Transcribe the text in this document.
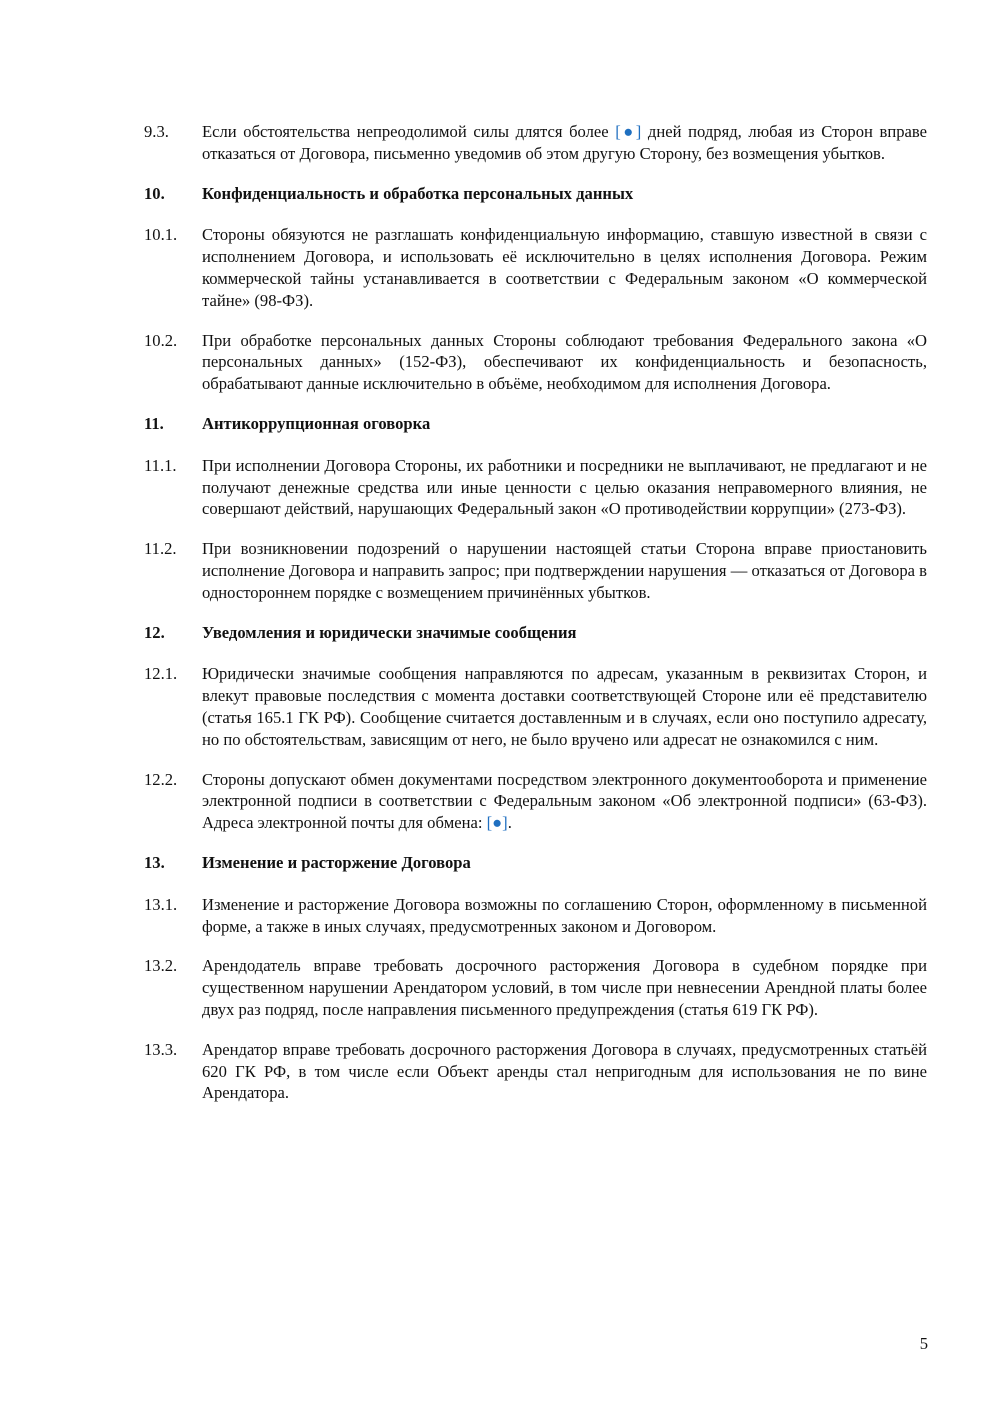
9.3.	Если обстоятельства непреодолимой силы длятся более [●] дней подряд, любая из Сторон вправе отказаться от Договора, письменно уведомив об этом другую Сторону, без возмещения убытков.
10.	Конфиденциальность и обработка персональных данных
10.1.	Стороны обязуются не разглашать конфиденциальную информацию, ставшую известной в связи с исполнением Договора, и использовать её исключительно в целях исполнения Договора. Режим коммерческой тайны устанавливается в соответствии с Федеральным законом «О коммерческой тайне» (98-ФЗ).
10.2.	При обработке персональных данных Стороны соблюдают требования Федерального закона «О персональных данных» (152-ФЗ), обеспечивают их конфиденциальность и безопасность, обрабатывают данные исключительно в объёме, необходимом для исполнения Договора.
11.	Антикоррупционная оговорка
11.1.	При исполнении Договора Стороны, их работники и посредники не выплачивают, не предлагают и не получают денежные средства или иные ценности с целью оказания неправомерного влияния, не совершают действий, нарушающих Федеральный закон «О противодействии коррупции» (273-ФЗ).
11.2.	При возникновении подозрений о нарушении настоящей статьи Сторона вправе приостановить исполнение Договора и направить запрос; при подтверждении нарушения — отказаться от Договора в одностороннем порядке с возмещением причинённых убытков.
12.	Уведомления и юридически значимые сообщения
12.1.	Юридически значимые сообщения направляются по адресам, указанным в реквизитах Сторон, и влекут правовые последствия с момента доставки соответствующей Стороне или её представителю (статья 165.1 ГК РФ). Сообщение считается доставленным и в случаях, если оно поступило адресату, но по обстоятельствам, зависящим от него, не было вручено или адресат не ознакомился с ним.
12.2.	Стороны допускают обмен документами посредством электронного документооборота и применение электронной подписи в соответствии с Федеральным законом «Об электронной подписи» (63-ФЗ). Адреса электронной почты для обмена: [●].
13.	Изменение и расторжение Договора
13.1.	Изменение и расторжение Договора возможны по соглашению Сторон, оформленному в письменной форме, а также в иных случаях, предусмотренных законом и Договором.
13.2.	Арендодатель вправе требовать досрочного расторжения Договора в судебном порядке при существенном нарушении Арендатором условий, в том числе при невнесении Арендной платы более двух раз подряд, после направления письменного предупреждения (статья 619 ГК РФ).
13.3.	Арендатор вправе требовать досрочного расторжения Договора в случаях, предусмотренных статьёй 620 ГК РФ, в том числе если Объект аренды стал непригодным для использования не по вине Арендатора.
5
